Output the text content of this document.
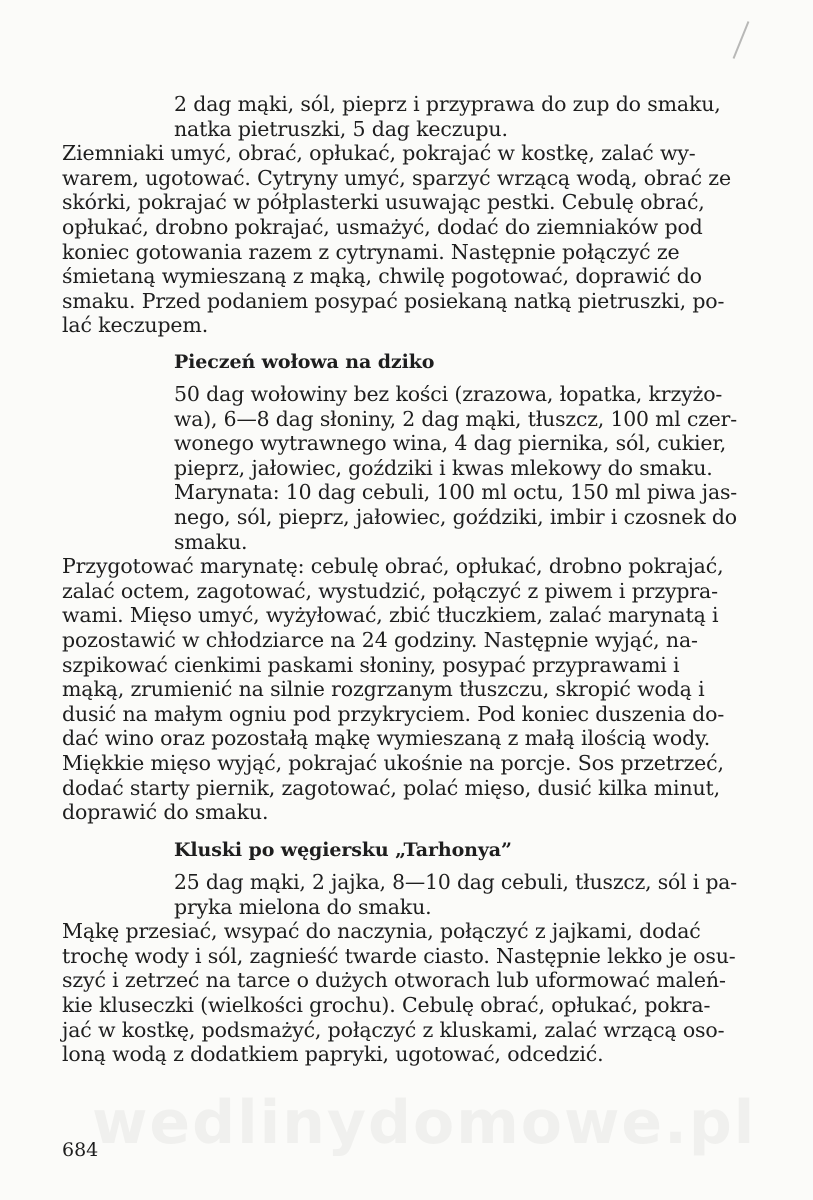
2 dag mąki, sól, pieprz i przyprawa do zup do smaku,
natka pietruszki, 5 dag keczupu.
Ziemniaki umyć, obrać, opłukać, pokrajać w kostkę, zalać wy-
warem, ugotować. Cytryny umyć, sparzyć wrzącą wodą, obrać ze
skórki, pokrajać w półplasterki usuwając pestki. Cebulę obrać,
opłukać, drobno pokrajać, usmażyć, dodać do ziemniaków pod
koniec gotowania razem z cytrynami. Następnie połączyć ze
śmietaną wymieszaną z mąką, chwilę pogotować, doprawić do
smaku. Przed podaniem posypać posiekaną natką pietruszki, po-
lać keczupem.
Pieczeń wołowa na dziko
50 dag wołowiny bez kości (zrazowa, łopatka, krzyżo-
wa), 6—8 dag słoniny, 2 dag mąki, tłuszcz, 100 ml czer-
wonego wytrawnego wina, 4 dag piernika, sól, cukier,
pieprz, jałowiec, goździki i kwas mlekowy do smaku.
Marynata: 10 dag cebuli, 100 ml octu, 150 ml piwa jas-
nego, sól, pieprz, jałowiec, goździki, imbir i czosnek do
smaku.
Przygotować marynatę: cebulę obrać, opłukać, drobno pokrajać,
zalać octem, zagotować, wystudzić, połączyć z piwem i przypra-
wami. Mięso umyć, wyżyłować, zbić tłuczkiem, zalać marynatą i
pozostawić w chłodziarce na 24 godziny. Następnie wyjąć, na-
szpikować cienkimi paskami słoniny, posypać przyprawami i
mąką, zrumienić na silnie rozgrzanym tłuszczu, skropić wodą i
dusić na małym ogniu pod przykryciem. Pod koniec duszenia do-
dać wino oraz pozostałą mąkę wymieszaną z małą ilością wody.
Miękkie mięso wyjąć, pokrajać ukośnie na porcje. Sos przetrzeć,
dodać starty piernik, zagotować, polać mięso, dusić kilka minut,
doprawić do smaku.
Kluski po węgiersku „Tarhonya”
25 dag mąki, 2 jajka, 8—10 dag cebuli, tłuszcz, sól i pa-
pryka mielona do smaku.
Mąkę przesiać, wsypać do naczynia, połączyć z jajkami, dodać
trochę wody i sól, zagnieść twarde ciasto. Następnie lekko je osu-
szyć i zetrzeć na tarce o dużych otworach lub uformować maleń-
kie kluseczki (wielkości grochu). Cebulę obrać, opłukać, pokra-
jać w kostkę, podsmażyć, połączyć z kluskami, zalać wrzącą oso-
loną wodą z dodatkiem papryki, ugotować, odcedzić.
wedlinydomowe.pl
684
